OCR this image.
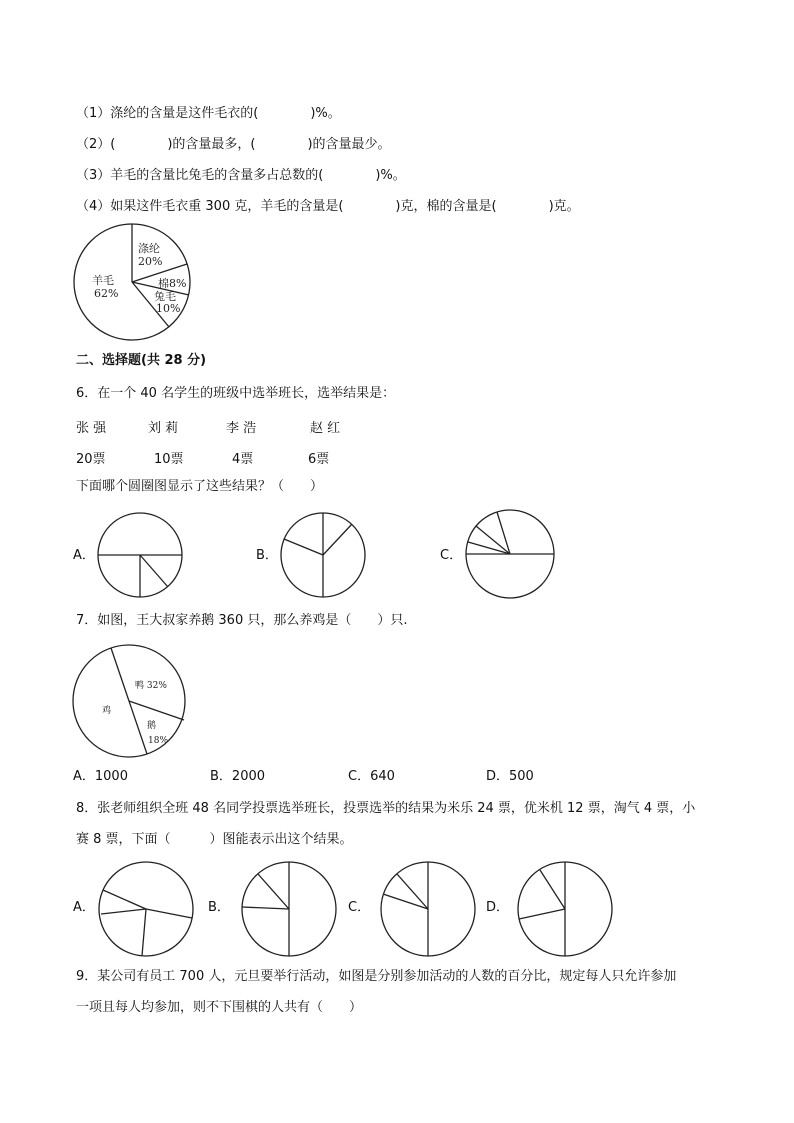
（1）涤纶的含量是这件毛衣的(　　　　)%。
（2）(　　　　)的含量最多，(　　　　)的含量最少。
（3）羊毛的含量比兔毛的含量多占总数的(　　　　)%。
（4）如果这件毛衣重 300 克，羊毛的含量是(　　　　)克，棉的含量是(　　　　)克。
涤纶
20%
棉8%
兔毛
10%
羊毛
62%
二、选择题(共 28 分)
6．在一个 40 名学生的班级中选举班长，选举结果是：
张 强	刘 莉	李 浩	赵 红
20票	10票	4票	6票
下面哪个圆圈图显示了这些结果？（　　）
A．	B．	C．
7．如图，王大叔家养鹅 360 只，那么养鸡是（　　）只.
鸭 32%
鸡
鹅
18%
A．1000	B．2000	C．640	D．500
8．张老师组织全班 48 名同学投票选举班长，投票选举的结果为米乐 24 票，优米机 12 票，淘气 4 票，小
赛 8 票，下面（　　　）图能表示出这个结果。
A．	B．	C．	D．
9．某公司有员工 700 人，元旦要举行活动，如图是分别参加活动的人数的百分比，规定每人只允许参加
一项且每人均参加，则不下围棋的人共有（　　）
